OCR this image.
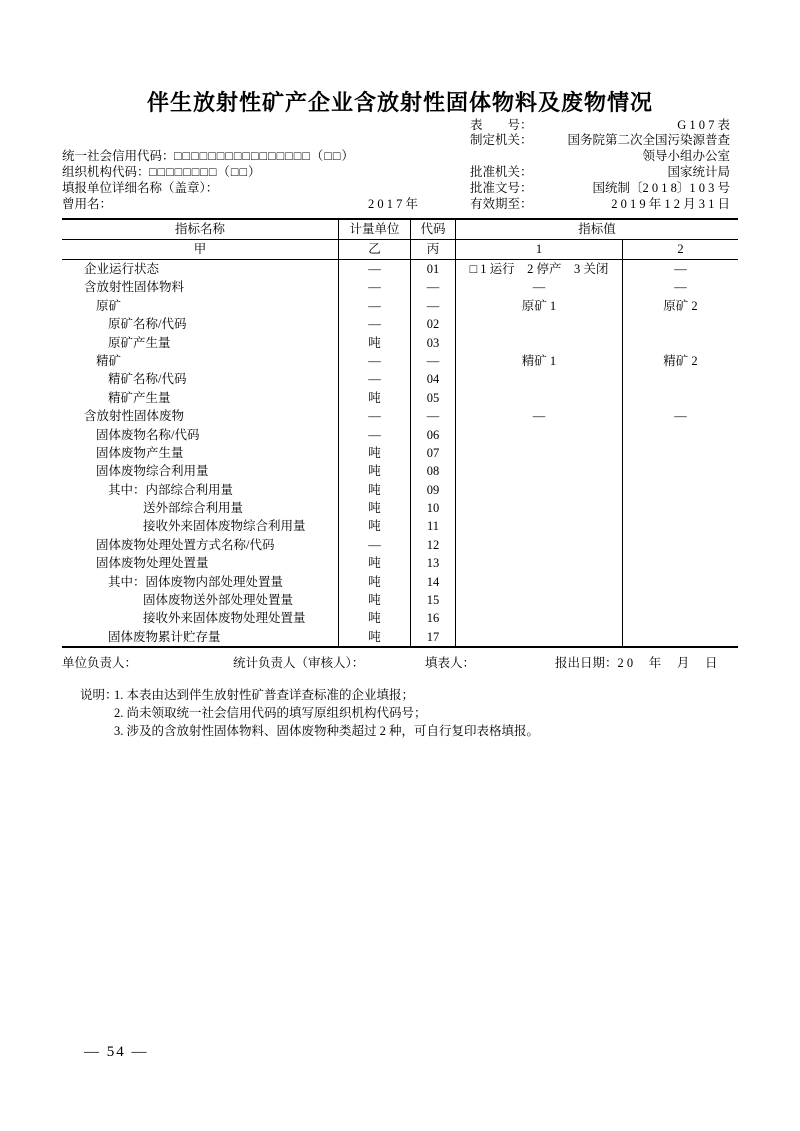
伴生放射性矿产企业含放射性固体物料及废物情况
表　　号：	G 1 0 7 表
制定机关：	国务院第二次全国污染源普查
领导小组办公室
统一社会信用代码： □□□□□□□□□□□□□□□□（□□）
组织机构代码： □□□□□□□□（□□）	批准机关：	国家统计局
填报单位详细名称（盖章）：	批准文号：	国统制〔2 0 1 8〕1 0 3 号
曾用名：	2 0 1 7 年	有效期至：	2 0 1 9 年 1 2 月 3 1 日
指标名称	计量单位	代码	指标值
甲	乙	丙	1	2
企业运行状态	—	01	□ 1 运行　2 停产　3 关闭	—
含放射性固体物料	—	—	—	—
原矿	—	—	原矿 1	原矿 2
原矿名称/代码	—	02
原矿产生量	吨	03
精矿	—	—	精矿 1	精矿 2
精矿名称/代码	—	04
精矿产生量	吨	05
含放射性固体废物	—	—	—	—
固体废物名称/代码	—	06
固体废物产生量	吨	07
固体废物综合利用量	吨	08
其中：内部综合利用量	吨	09
送外部综合利用量	吨	10
接收外来固体废物综合利用量	吨	11
固体废物处理处置方式名称/代码	—	12
固体废物处理处置量	吨	13
其中：固体废物内部处理处置量	吨	14
固体废物送外部处理处置量	吨	15
接收外来固体废物处理处置量	吨	16
固体废物累计贮存量	吨	17
单位负责人：	统计负责人（审核人）：	填表人：	报出日期：2 0　 年　 月　 日
说明：
1. 本表由达到伴生放射性矿普查详查标准的企业填报；
2. 尚未领取统一社会信用代码的填写原组织机构代码号；
3. 涉及的含放射性固体物料、固体废物种类超过 2 种，可自行复印表格填报。
— 54 —
